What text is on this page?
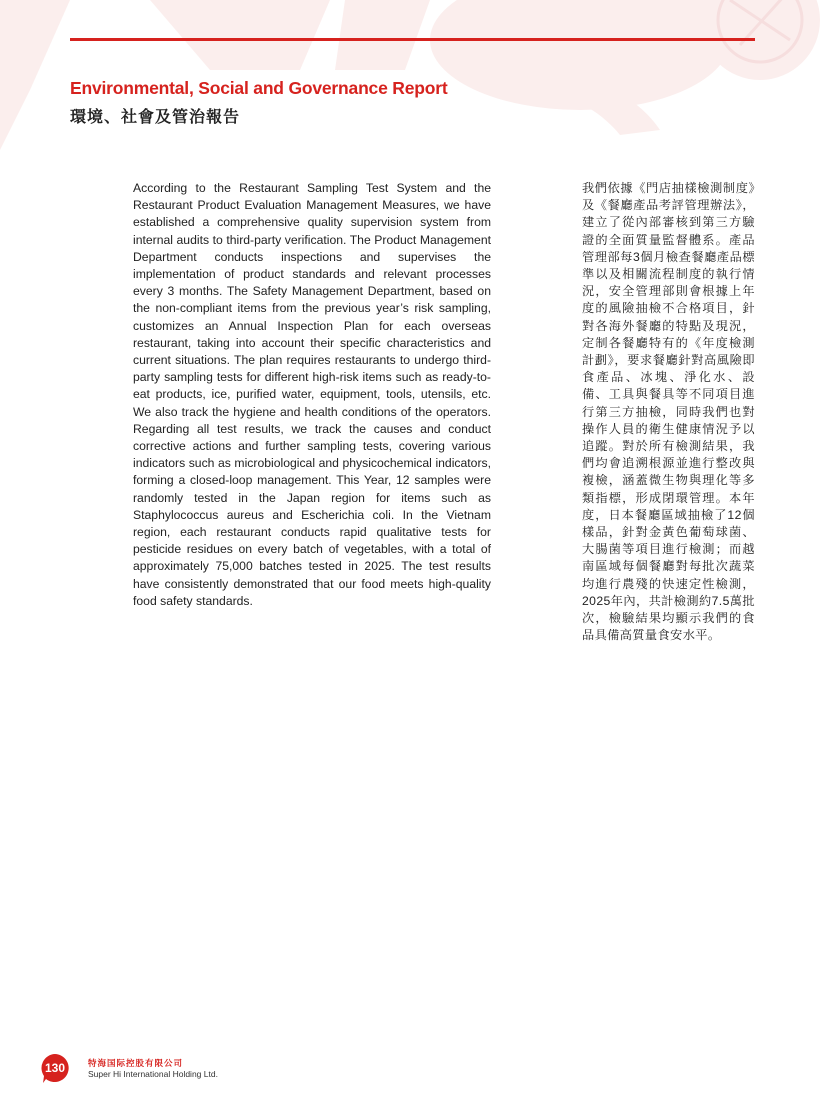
Environmental, Social and Governance Report
環境、社會及管治報告
According to the Restaurant Sampling Test System and the Restaurant Product Evaluation Management Measures, we have established a comprehensive quality supervision system from internal audits to third-party verification. The Product Management Department conducts inspections and supervises the implementation of product standards and relevant processes every 3 months. The Safety Management Department, based on the non-compliant items from the previous year’s risk sampling, customizes an Annual Inspection Plan for each overseas restaurant, taking into account their specific characteristics and current situations. The plan requires restaurants to undergo third-party sampling tests for different high-risk items such as ready-to-eat products, ice, purified water, equipment, tools, utensils, etc. We also track the hygiene and health conditions of the operators. Regarding all test results, we track the causes and conduct corrective actions and further sampling tests, covering various indicators such as microbiological and physicochemical indicators, forming a closed-loop management. This Year, 12 samples were randomly tested in the Japan region for items such as Staphylococcus aureus and Escherichia coli. In the Vietnam region, each restaurant conducts rapid qualitative tests for pesticide residues on every batch of vegetables, with a total of approximately 75,000 batches tested in 2025. The test results have consistently demonstrated that our food meets high-quality food safety standards.
我們依據《門店抽樣檢測制度》及《餐廳產品考評管理辦法》，建立了從內部審核到第三方驗證的全面質量監督體系。產品管理部每3個月檢查餐廳產品標準以及相關流程制度的執行情況，安全管理部則會根據上年度的風險抽檢不合格項目，針對各海外餐廳的特點及現況，定制各餐廳特有的《年度檢測計劃》，要求餐廳針對高風險即食產品、冰塊、淨化水、設備、工具與餐具等不同項目進行第三方抽檢，同時我們也對操作人員的衛生健康情況予以追蹤。對於所有檢測結果，我們均會追溯根源並進行整改與複檢，涵蓋微生物與理化等多類指標，形成閉環管理。本年度，日本餐廳區域抽檢了12個樣品，針對金黃色葡萄球菌、大腸菌等項目進行檢測；而越南區域每個餐廳對每批次蔬菜均進行農殘的快速定性檢測，2025年內，共計檢測約7.5萬批次，檢驗結果均顯示我們的食品具備高質量食安水平。
130	特海国际控股有限公司
Super Hi International Holding Ltd.
